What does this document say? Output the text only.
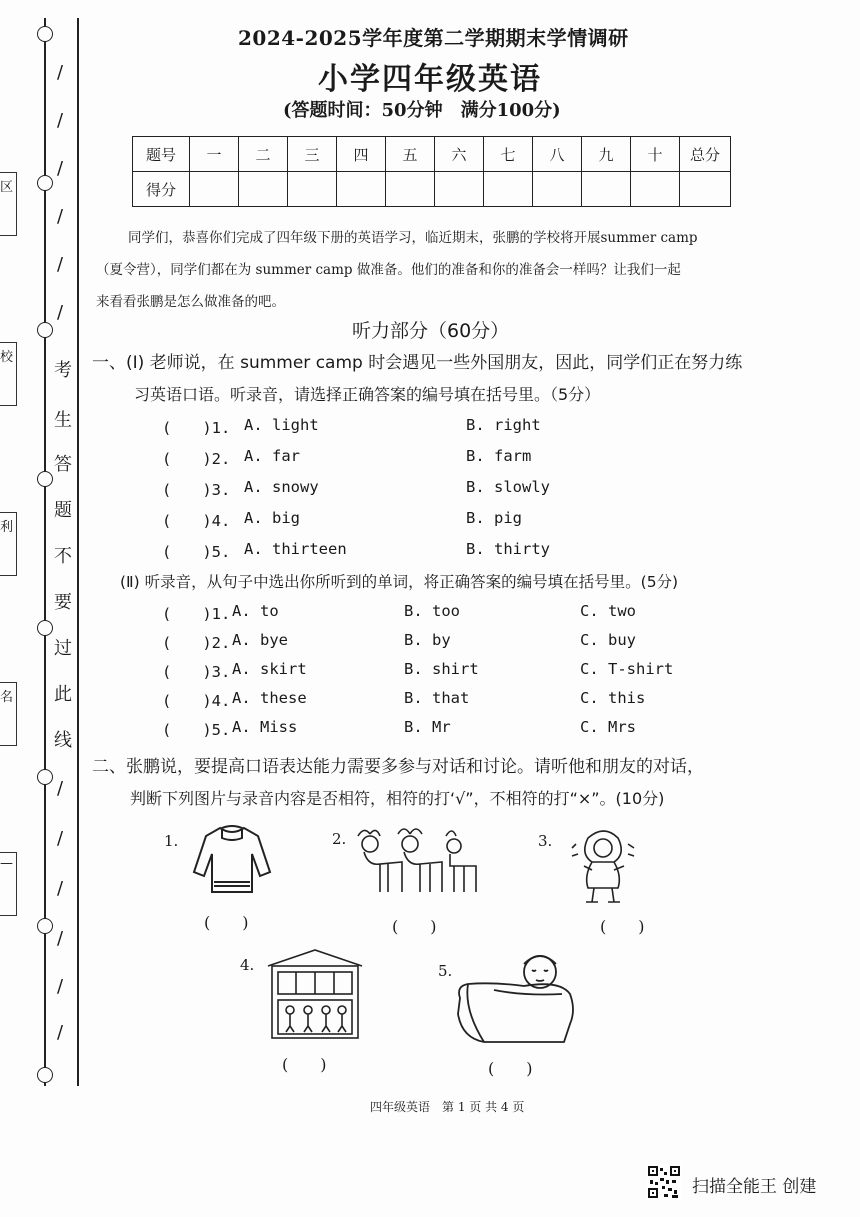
区
校
利
名
—
/
/
/
/
/
/
考
生
答
题
不
要
过
此
线
/
/
/
/
/
/
2024-2025学年度第二学期期末学情调研
小学四年级英语
(答题时间：50分钟　满分100分)
题号	一	二	三	四	五	六	七	八	九	十	总分
得分											
同学们，恭喜你们完成了四年级下册的英语学习，临近期末，张鹏的学校将开展summer camp
（夏令营），同学们都在为 summer camp 做准备。他们的准备和你的准备会一样吗？让我们一起
来看看张鹏是怎么做准备的吧。
听力部分（60分）
一、(Ⅰ) 老师说，在 summer camp 时会遇见一些外国朋友，因此，同学们正在努力练
习英语口语。听录音，请选择正确答案的编号填在括号里。（5分）
(　　)1. A. light	B. right
(　　)2. A. far	B. farm
(　　)3. A. snowy	B. slowly
(　　)4. A. big	B. pig
(　　)5. A. thirteen	B. thirty
(Ⅱ) 听录音，从句子中选出你所听到的单词，将正确答案的编号填在括号里。(5分)
(　　)1. A. to	B. too	C. two
(　　)2. A. bye	B. by	C. buy
(　　)3. A. skirt	B. shirt	C. T-shirt
(　　)4. A. these	B. that	C. this
(　　)5. A. Miss	B. Mr	C. Mrs
二、张鹏说，要提高口语表达能力需要多参与对话和讨论。请听他和朋友的对话，
判断下列图片与录音内容是否相符，相符的打‘√”，不相符的打“×”。(10分)
1.
(　　)
2.
(　　)
3.
(　　)
4.
(　　)
5.
(　　)
四年级英语　第 1 页 共 4 页
扫描全能王 创建
